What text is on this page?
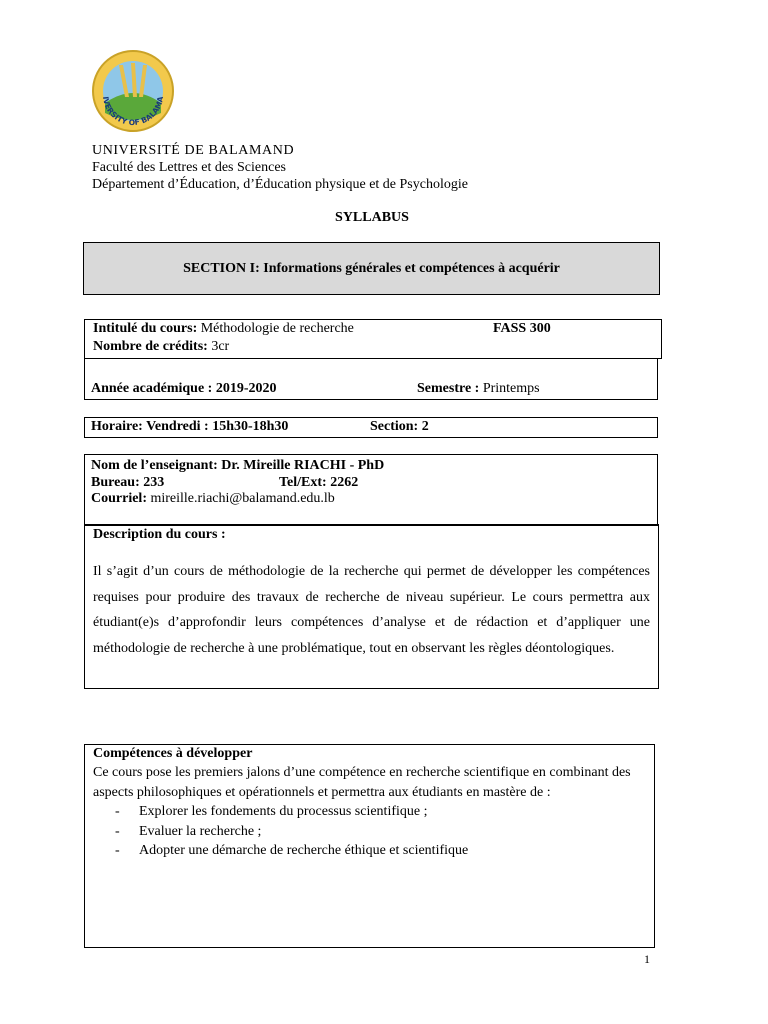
IVERSITY OF BALAMA
UNIVERSITÉ DE BALAMAND
Faculté des Lettres et des Sciences
Département d’Éducation, d’Éducation physique et de Psychologie
SYLLABUS
SECTION I: Informations générales et compétences à acquérir
Intitulé du cours: Méthodologie de recherche	FASS 300
Nombre de crédits: 3cr
Année académique : 2019-2020	Semestre : Printemps
Horaire: Vendredi : 15h30-18h30	Section: 2
Nom de l’enseignant: Dr. Mireille RIACHI - PhD
Bureau: 233	Tel/Ext: 2262
Courriel: mireille.riachi@balamand.edu.lb
Description du cours :
Il s’agit d’un cours de méthodologie de la recherche qui permet de développer les compétences requises pour produire des travaux de recherche de niveau supérieur. Le cours permettra aux étudiant(e)s d’approfondir leurs compétences d’analyse et de rédaction et d’appliquer une méthodologie de recherche à une problématique, tout en observant les règles déontologiques.
Compétences à développer
Ce cours pose les premiers jalons d’une compétence en recherche scientifique en combinant des aspects philosophiques et opérationnels et permettra aux étudiants en mastère de :
- Explorer les fondements du processus scientifique ;
- Evaluer la recherche ;
- Adopter une démarche de recherche éthique et scientifique
1
